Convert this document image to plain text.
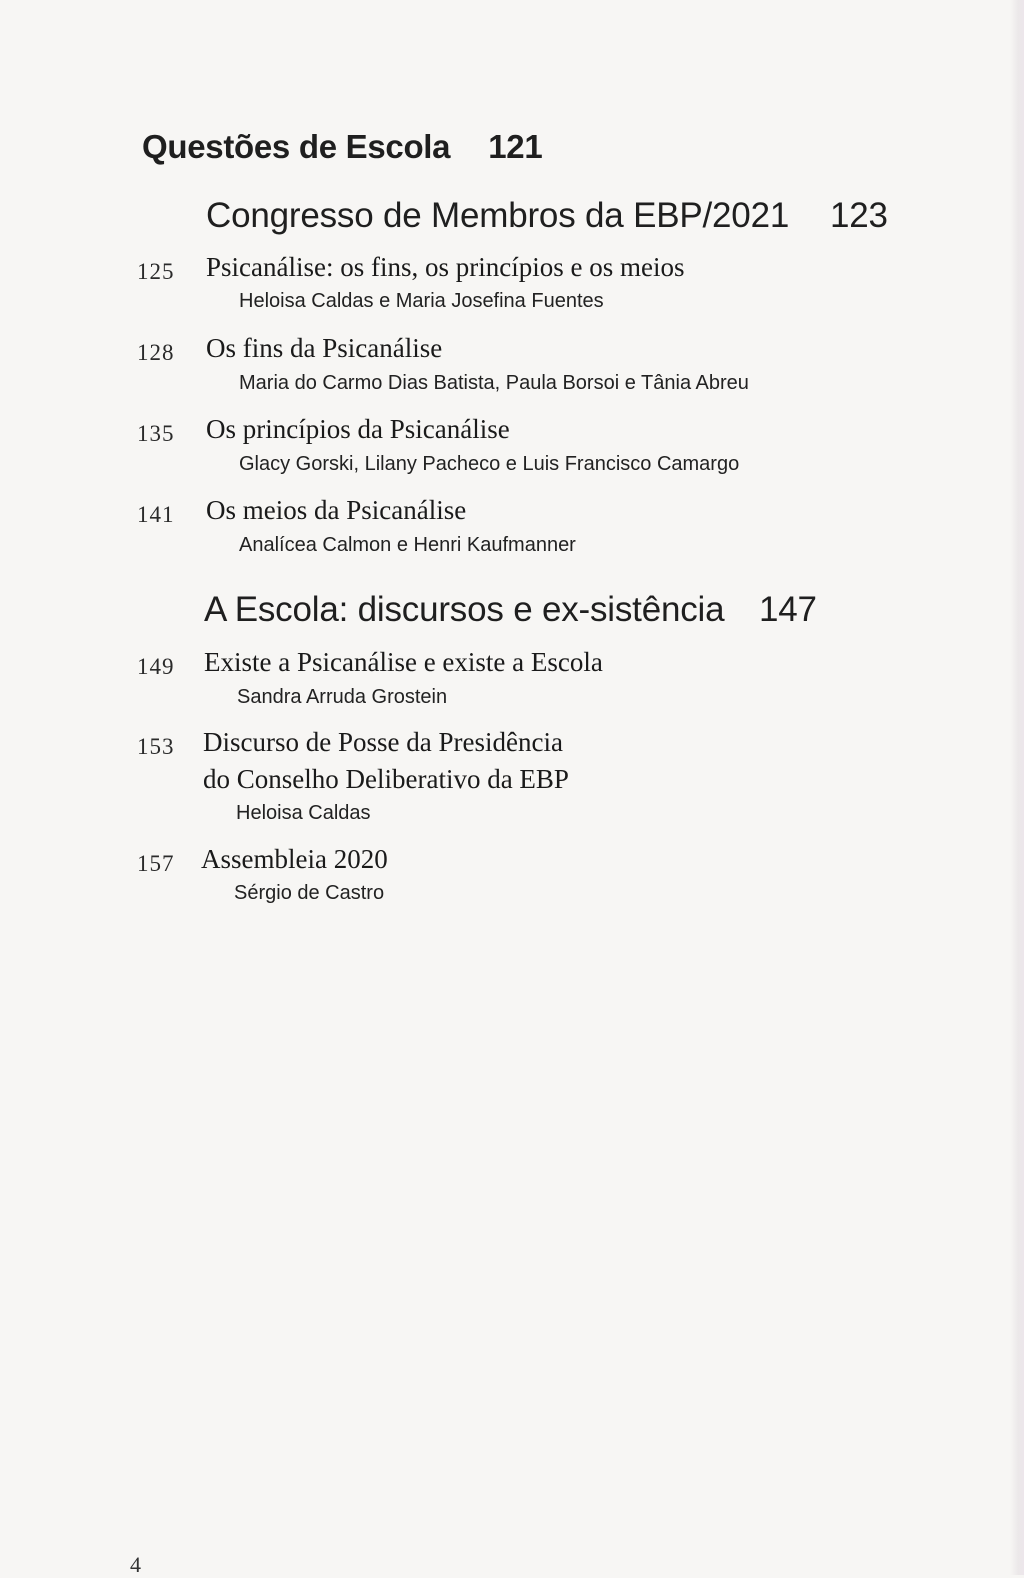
Questões de Escola 121
Congresso de Membros da EBP/2021 123
125 Psicanálise: os fins, os princípios e os meios
Heloisa Caldas e Maria Josefina Fuentes
128 Os fins da Psicanálise
Maria do Carmo Dias Batista, Paula Borsoi e Tânia Abreu
135 Os princípios da Psicanálise
Glacy Gorski, Lilany Pacheco e Luis Francisco Camargo
141 Os meios da Psicanálise
Analícea Calmon e Henri Kaufmanner
A Escola: discursos e ex-sistência 147
149 Existe a Psicanálise e existe a Escola
Sandra Arruda Grostein
153 Discurso de Posse da Presidência
do Conselho Deliberativo da EBP
Heloisa Caldas
157 Assembleia 2020
Sérgio de Castro
4
